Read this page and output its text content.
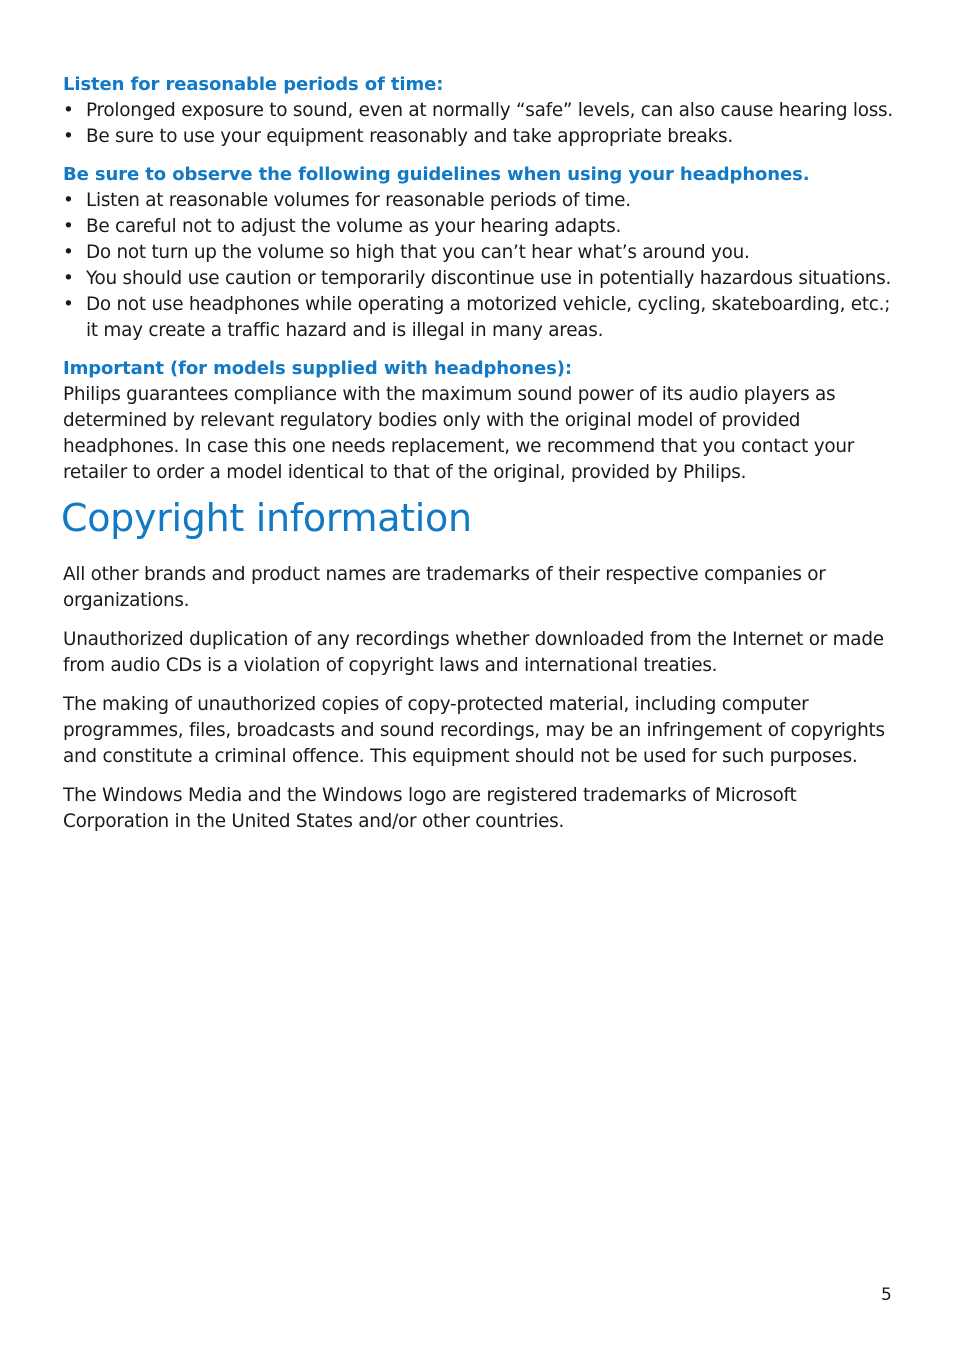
Listen for reasonable periods of time:
• Prolonged exposure to sound, even at normally “safe” levels, can also cause hearing loss.
• Be sure to use your equipment reasonably and take appropriate breaks.
Be sure to observe the following guidelines when using your headphones.
• Listen at reasonable volumes for reasonable periods of time.
• Be careful not to adjust the volume as your hearing adapts.
• Do not turn up the volume so high that you can’t hear what’s around you.
• You should use caution or temporarily discontinue use in potentially hazardous situations.
• Do not use headphones while operating a motorized vehicle, cycling, skateboarding, etc.; it may create a traffic hazard and is illegal in many areas.
Important (for models supplied with headphones):

Philips guarantees compliance with the maximum sound power of its audio players as determined by relevant regulatory bodies only with the original model of provided headphones. In case this one needs replacement, we recommend that you contact your retailer to order a model identical to that of the original, provided by Philips.

Copyright information

All other brands and product names are trademarks of their respective companies or organizations.

Unauthorized duplication of any recordings whether downloaded from the Internet or made from audio CDs is a violation of copyright laws and international treaties.

The making of unauthorized copies of copy-protected material, including computer programmes, files, broadcasts and sound recordings, may be an infringement of copyrights and constitute a criminal offence. This equipment should not be used for such purposes.

The Windows Media and the Windows logo are registered trademarks of Microsoft Corporation in the United States and/or other countries.

5
